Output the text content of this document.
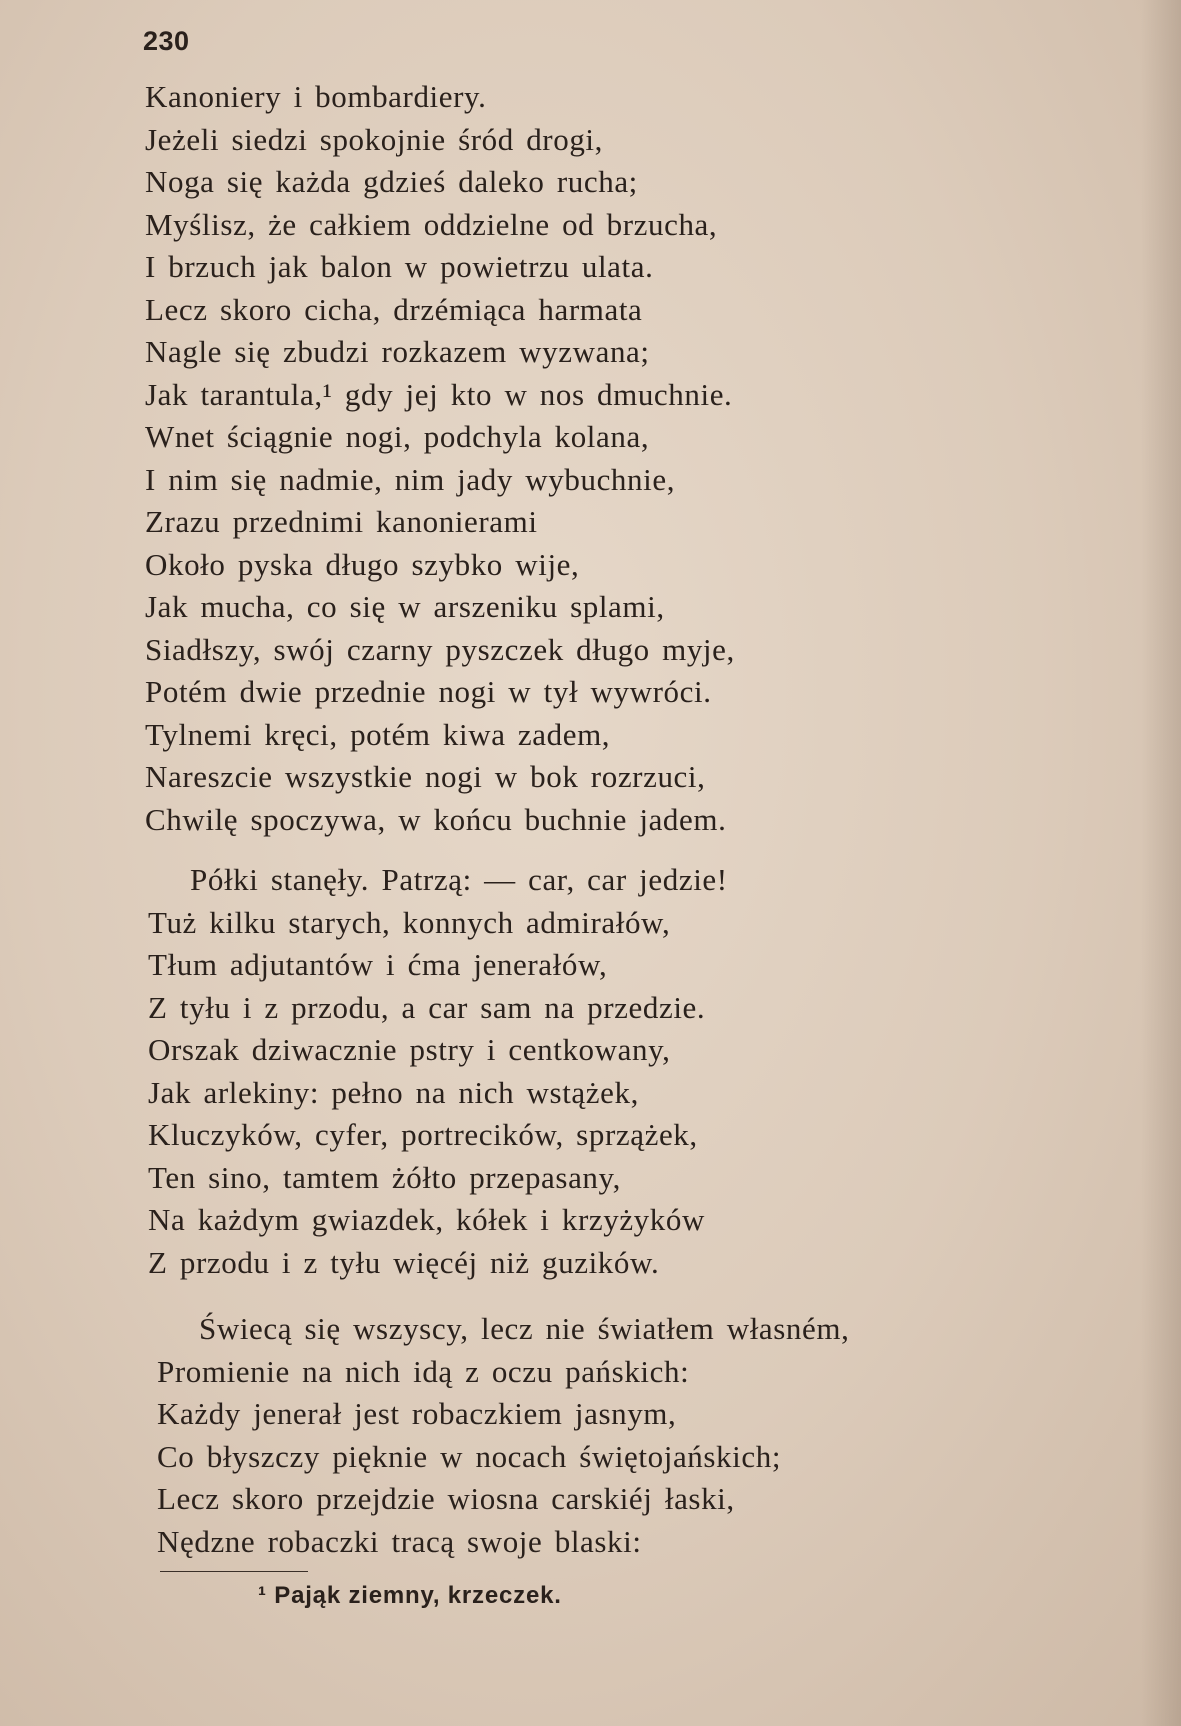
230
Kanoniery i bombardiery.
Jeżeli siedzi spokojnie śród drogi,
Noga się każda gdzieś daleko rucha;
Myślisz, że całkiem oddzielne od brzucha,
I brzuch jak balon w powietrzu ulata.
Lecz skoro cicha, drzémiąca harmata
Nagle się zbudzi rozkazem wyzwana;
Jak tarantula,¹ gdy jej kto w nos dmuchnie.
Wnet ściągnie nogi, podchyla kolana,
I nim się nadmie, nim jady wybuchnie,
Zrazu przednimi kanonierami
Około pyska długo szybko wije,
Jak mucha, co się w arszeniku splami,
Siadłszy, swój czarny pyszczek długo myje,
Potém dwie przednie nogi w tył wywróci.
Tylnemi kręci, potém kiwa zadem,
Nareszcie wszystkie nogi w bok rozrzuci,
Chwilę spoczywa, w końcu buchnie jadem.
Półki stanęły. Patrzą: — car, car jedzie!
Tuż kilku starych, konnych admirałów,
Tłum adjutantów i ćma jenerałów,
Z tyłu i z przodu, a car sam na przedzie.
Orszak dziwacznie pstry i centkowany,
Jak arlekiny: pełno na nich wstążek,
Kluczyków, cyfer, portrecików, sprzążek,
Ten sino, tamtem żółto przepasany,
Na każdym gwiazdek, kółek i krzyżyków
Z przodu i z tyłu więcéj niż guzików.
Świecą się wszyscy, lecz nie światłem własném,
Promienie na nich idą z oczu pańskich:
Każdy jenerał jest robaczkiem jasnym,
Co błyszczy pięknie w nocach świętojańskich;
Lecz skoro przejdzie wiosna carskiéj łaski,
Nędzne robaczki tracą swoje blaski:
¹ Pająk ziemny, krzeczek.
